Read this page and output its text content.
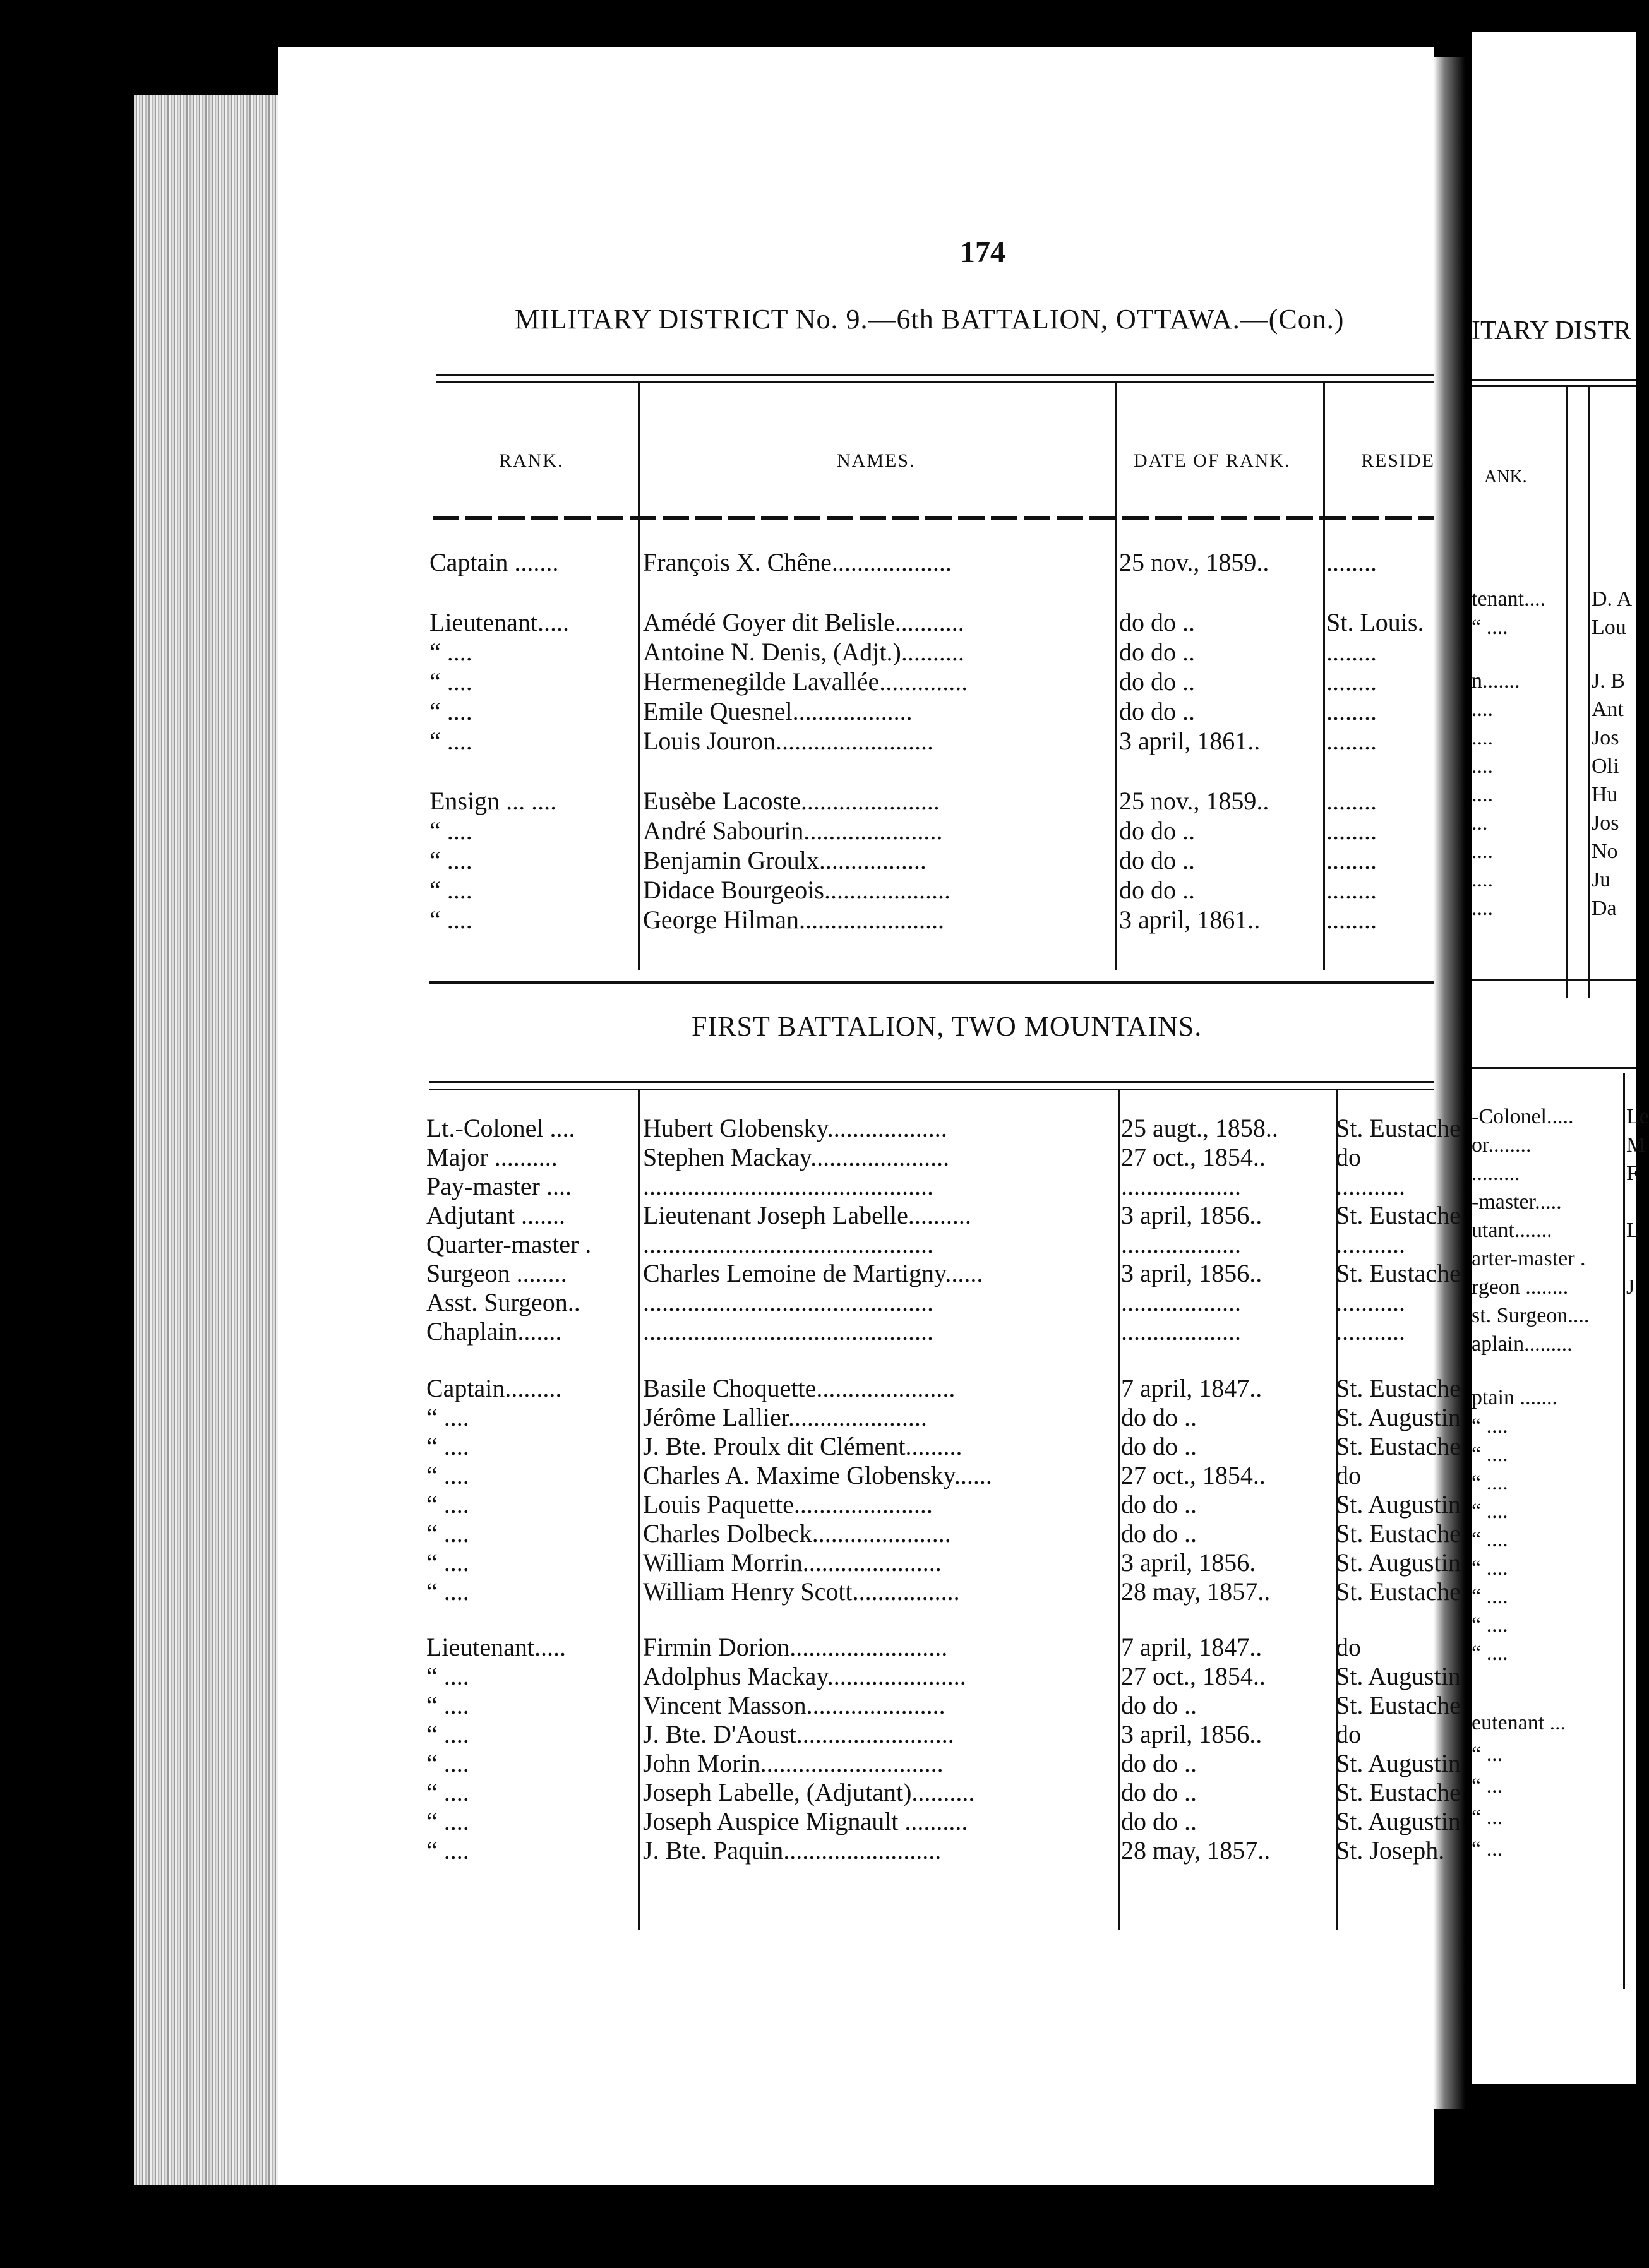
ITARY DISTR
ANK.
tenant.... D. A
“ ....	Lou
n.......	J. B
....	Ant
....	Jos
....	Oli
....	Hu
...	Jos
....	No
....	Ju
....	Da
-Colonel..... Le
or........	M
.........	F
-master.....
utant.......	L
arter-master .
rgeon ........	J
st. Surgeon....
aplain.........
ptain .......
“ ....
“ ....
“ ....
“ ....
“ ....
“ ....
“ ....
“ ....
“ ....
eutenant ...
“ ...
“ ...
“ ...
“ ...
174
MILITARY DISTRICT No. 9.—6th BATTALION, OTTAWA.—(Con.)
RANK.	NAMES.	DATE OF RANK.	RESIDE
Captain .......	François X. Chêne...................	25 nov., 1859.. ........
Lieutenant.....	Amédé Goyer dit Belisle...........	do do ..	St. Louis.
“ ....	Antoine N. Denis, (Adjt.)..........	do do ..	........
“ ....	Hermenegilde Lavallée..............	do do ..	........
“ ....	Emile Quesnel...................	do do ..	........
“ ....	Louis Jouron.........................	3 april, 1861..	........
Ensign ... ....	Eusèbe Lacoste......................	25 nov., 1859.. ........
“ ....	André Sabourin......................	do do ..	........
“ ....	Benjamin Groulx.................	do do ..	........
“ ....	Didace Bourgeois....................	do do ..	........
“ ....	George Hilman.......................	3 april, 1861..	........
FIRST BATTALION, TWO MOUNTAINS.
Lt.-Colonel ....	Hubert Globensky...................	25 augt., 1858.. St. Eustache
Major ..........	Stephen Mackay......................	27 oct., 1854..	do
Pay-master ....	..............................................	...................	...........
Adjutant .......	Lieutenant Joseph Labelle..........	3 april, 1856..	St. Eustache
Quarter-master . ..............................................	...................	...........
Surgeon ........	Charles Lemoine de Martigny......	3 april, 1856..	St. Eustache
Asst. Surgeon.. ..............................................	...................	...........
Chaplain.......	..............................................	...................	...........
Captain.........	Basile Choquette......................	7 april, 1847..	St. Eustache
“ ....	Jérôme Lallier......................	do do ..	St. Augustin
“ ....	J. Bte. Proulx dit Clément.........	do do ..	St. Eustache
“ ....	Charles A. Maxime Globensky......	27 oct., 1854..	do
“ ....	Louis Paquette......................	do do ..	St. Augustin
“ ....	Charles Dolbeck......................	do do ..	St. Eustache
“ ....	William Morrin......................	3 april, 1856.	St. Augustin
“ ....	William Henry Scott.................	28 may, 1857..	St. Eustache
Lieutenant.....	Firmin Dorion.........................	7 april, 1847..	do
“ ....	Adolphus Mackay......................	27 oct., 1854..	St. Augustin
“ ....	Vincent Masson......................	do do ..	St. Eustache
“ ....	J. Bte. D'Aoust.........................	3 april, 1856..	do
“ ....	John Morin.............................	do do ..	St. Augustin
“ ....	Joseph Labelle, (Adjutant)..........	do do ..	St. Eustache
“ ....	Joseph Auspice Mignault ..........	do do ..	St. Augustin
“ ....	J. Bte. Paquin.........................	28 may, 1857..	St. Joseph.
